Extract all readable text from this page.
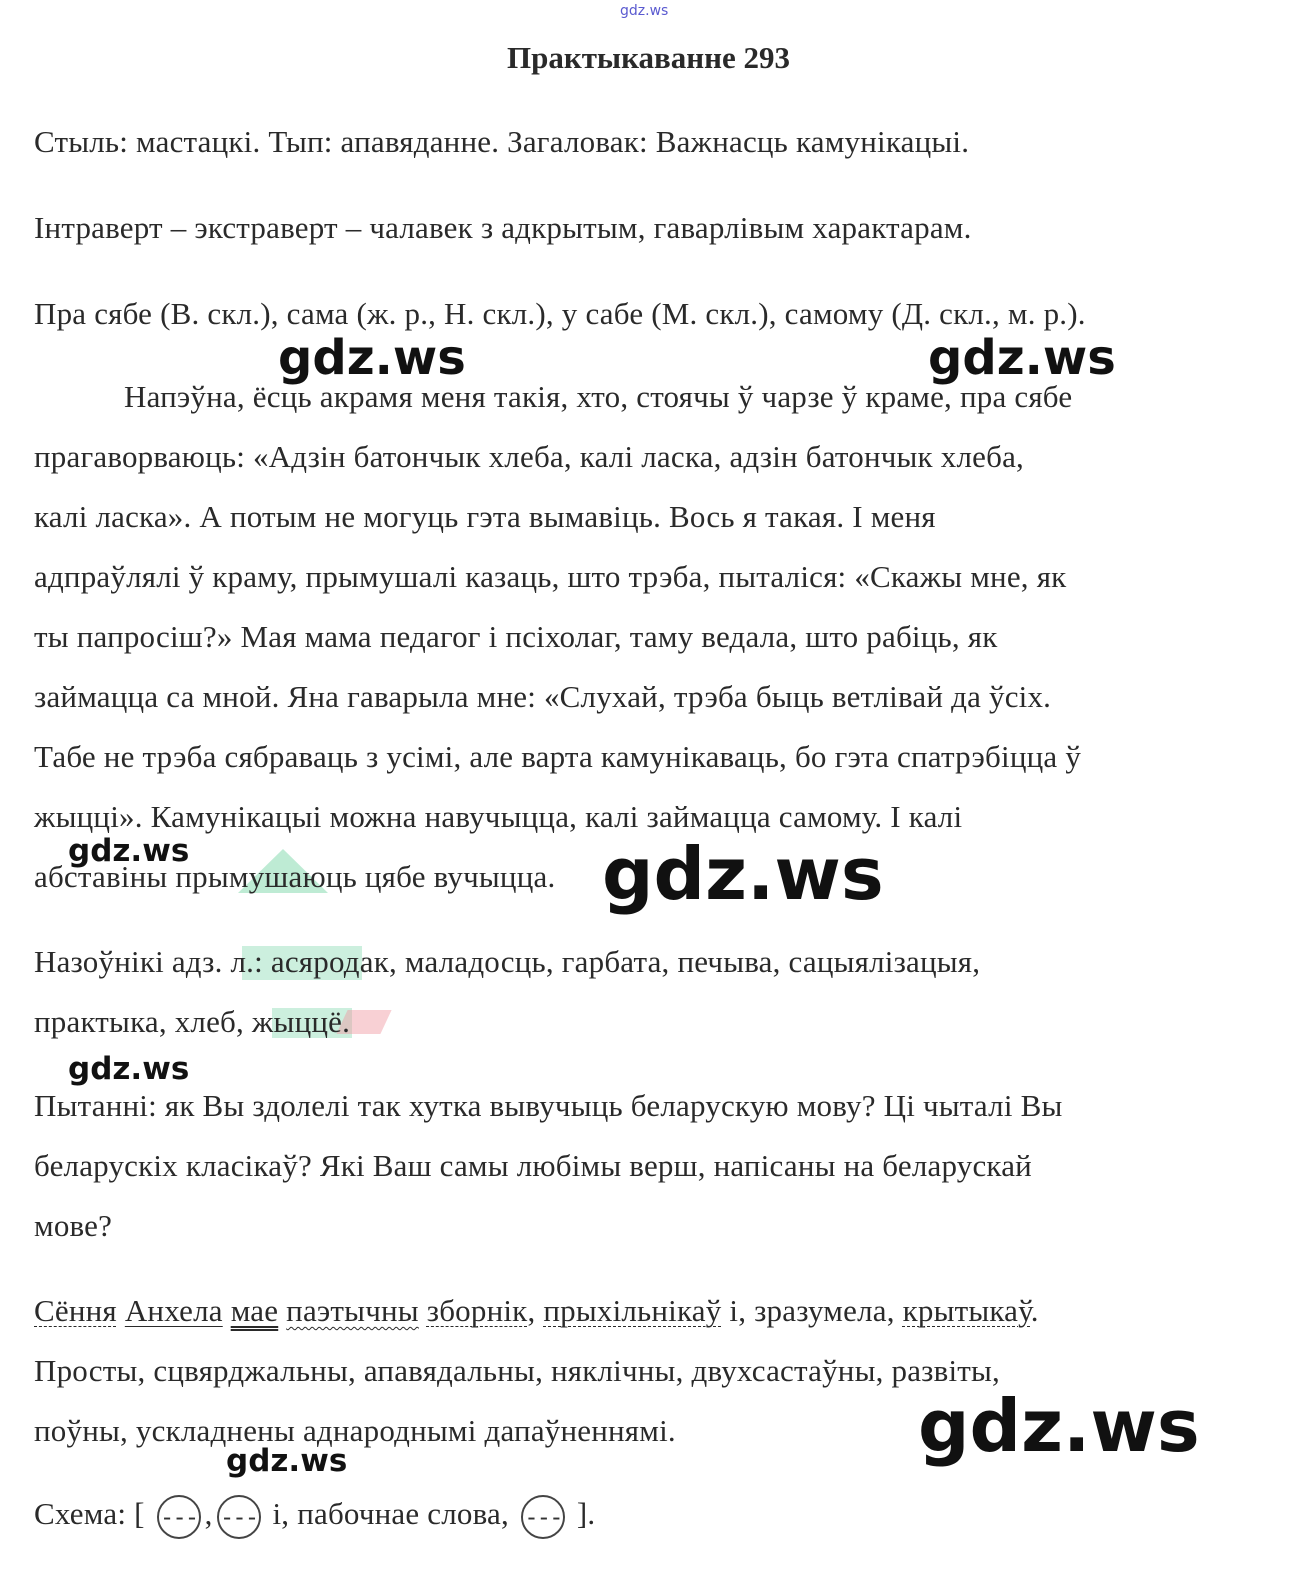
gdz.ws
Практыкаванне 293
Стыль: мастацкі. Тып: апавяданне. Загаловак: Важнасць камунікацыі.
Інтраверт – экстраверт – чалавек з адкрытым, гаварлівым характарам.
Пра сябе (В. скл.), сама (ж. р., Н. скл.), у сабе (М. скл.), самому (Д. скл., м. р.).
gdz.ws	gdz.ws
Напэўна, ёсць акрамя меня такія, хто, стоячы ў чарзе ў краме, пра сябе
прагаворваюць: «Адзін батончык хлеба, калі ласка, адзін батончык хлеба,
калі ласка». А потым не могуць гэта вымавіць. Вось я такая. І меня
адпраўлялі ў краму, прымушалі казаць, што трэба, пыталіся: «Скажы мне, як
ты папросіш?» Мая мама педагог і псіхолаг, таму ведала, што рабіць, як
займацца са мной. Яна гаварыла мне: «Слухай, трэба быць ветлівай да ўсіх.
Табе не трэба сябраваць з усімі, але варта камунікаваць, бо гэта спатрэбіцца ў
жыцці». Камунікацыі можна навучыцца, калі займацца самому. І калі
абставіны прымушаюць цябе вучыцца.
gdz.ws	gdz.ws
Назоўнікі адз. л.: асяродак, маладосць, гарбата, печыва, сацыялізацыя,
практыка, хлеб, жыццё.
gdz.ws
Пытанні: як Вы здолелі так хутка вывучыць беларускую мову? Ці чыталі Вы
беларускіх класікаў? Які Ваш самы любімы верш, напісаны на беларускай
мове?
Сёння Анхела мае паэтычны зборнік, прыхільнікаў і, зразумела, крытыкаў.
Просты, сцвярджальны, апавядальны, няклічны, двухсастаўны, развіты,
поўны, ускладнены аднароднымі дапаўненнямі.	gdz.ws
gdz.ws
Схема: [ --- , --- і, пабочнае слова, --- ].
